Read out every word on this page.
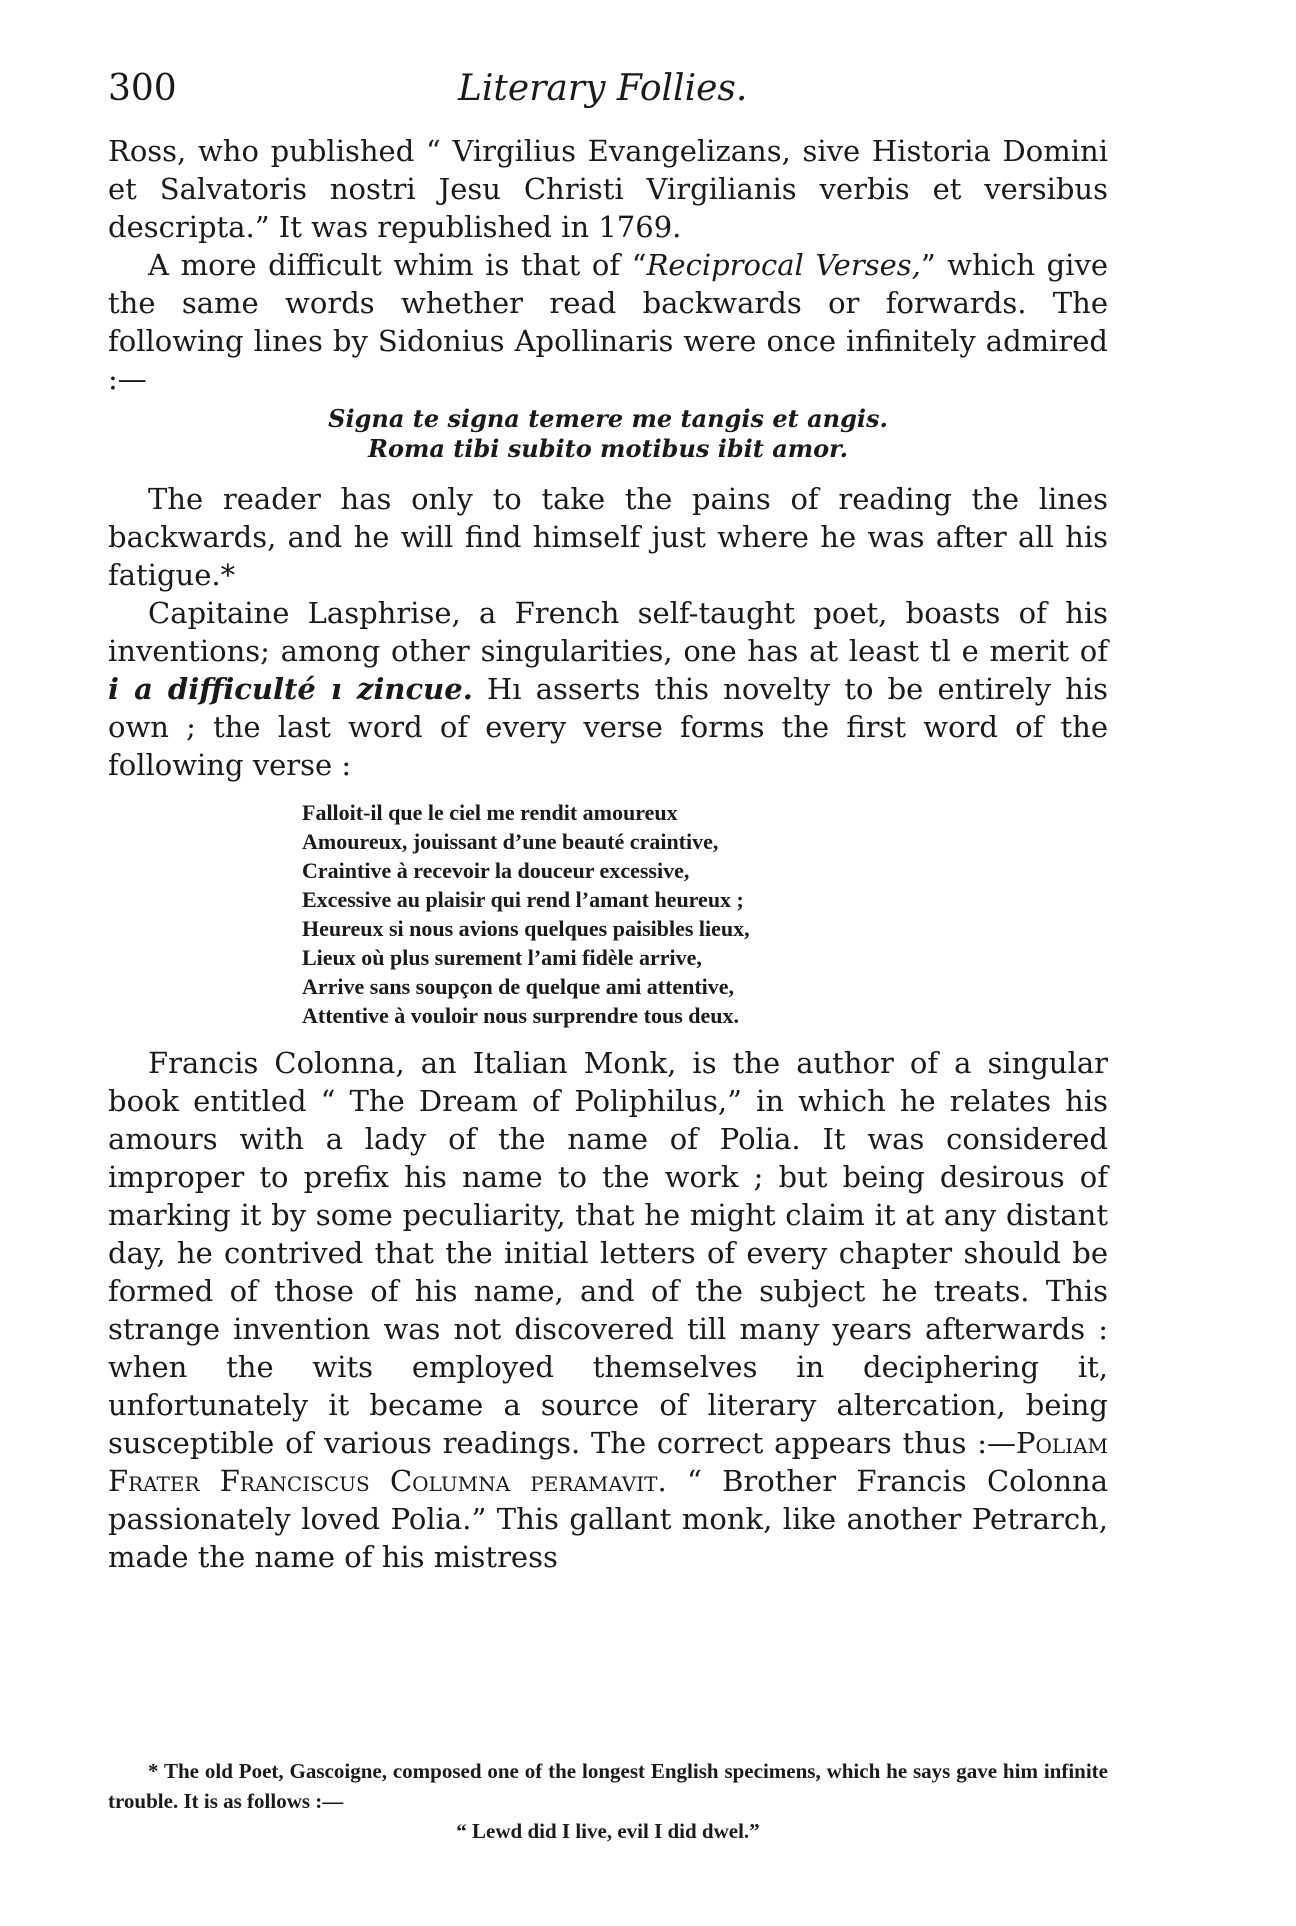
300	Literary Follies.

Ross, who published “ Virgilius Evangelizans, sive Historia Domini et Salvatoris nostri Jesu Christi Virgilianis verbis et versibus descripta.” It was republished in 1769.

A more difficult whim is that of “Reciprocal Verses,” which give the same words whether read backwards or forwards. The following lines by Sidonius Apollinaris were once infinitely admired :—

Signa te signa temere me tangis et angis.
Roma tibi subito motibus ibit amor.

The reader has only to take the pains of reading the lines backwards, and he will find himself just where he was after all his fatigue.*

Capitaine Lasphrise, a French self-taught poet, boasts of his inventions; among other singularities, one has at least tl e merit of i a difficulté ı zincue. Hı asserts this novelty to be entirely his own ; the last word of every verse forms the first word of the following verse :

Falloit-il que le ciel me rendit amoureux
Amoureux, jouissant d’une beauté craintive,
Craintive à recevoir la douceur excessive,
Excessive au plaisir qui rend l’amant heureux ;
Heureux si nous avions quelques paisibles lieux,
Lieux où plus surement l’ami fidèle arrive,
Arrive sans soupçon de quelque ami attentive,
Attentive à vouloir nous surprendre tous deux.

Francis Colonna, an Italian Monk, is the author of a singular book entitled “ The Dream of Poliphilus,” in which he relates his amours with a lady of the name of Polia. It was considered improper to prefix his name to the work ; but being desirous of marking it by some peculiarity, that he might claim it at any distant day, he contrived that the initial letters of every chapter should be formed of those of his name, and of the subject he treats. This strange invention was not discovered till many years afterwards : when the wits employed themselves in deciphering it, unfortunately it became a source of literary altercation, being susceptible of various readings. The correct appears thus :—Poliam Frater Franciscus Columna peramavit. “ Brother Francis Colonna passionately loved Polia.” This gallant monk, like another Petrarch, made the name of his mistress

* The old Poet, Gascoigne, composed one of the longest English specimens, which he says gave him infinite trouble. It is as follows :—

“ Lewd did I live, evil I did dwel.”
